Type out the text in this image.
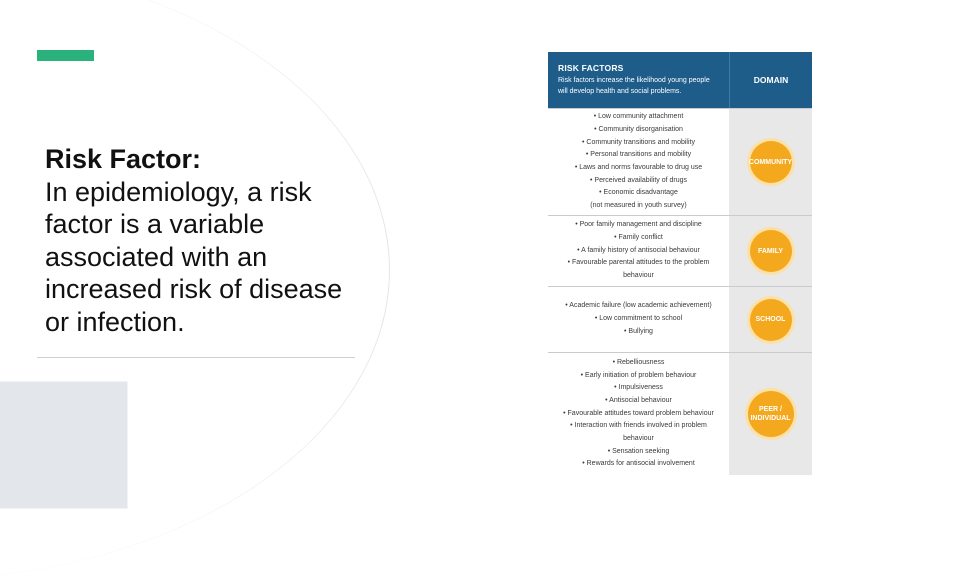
Risk Factor:
In epidemiology, a risk factor is a variable associated with an increased risk of disease or infection.
RISK FACTORS
Risk factors increase the likelihood young people will develop health and social problems.
DOMAIN
• Low community attachment
• Community disorganisation
• Community transitions and mobility
• Personal transitions and mobility
• Laws and norms favourable to drug use
• Perceived availability of drugs
• Economic disadvantage
(not measured in youth survey)
COMMUNITY
• Poor family management and discipline
• Family conflict
• A family history of antisocial behaviour
• Favourable parental attitudes to the problem
behaviour
FAMILY
• Academic failure (low academic achievement)
• Low commitment to school
• Bullying
SCHOOL
• Rebelliousness
• Early initiation of problem behaviour
• Impulsiveness
• Antisocial behaviour
• Favourable attitudes toward problem behaviour
• Interaction with friends involved in problem
behaviour
• Sensation seeking
• Rewards for antisocial involvement
PEER / INDIVIDUAL
